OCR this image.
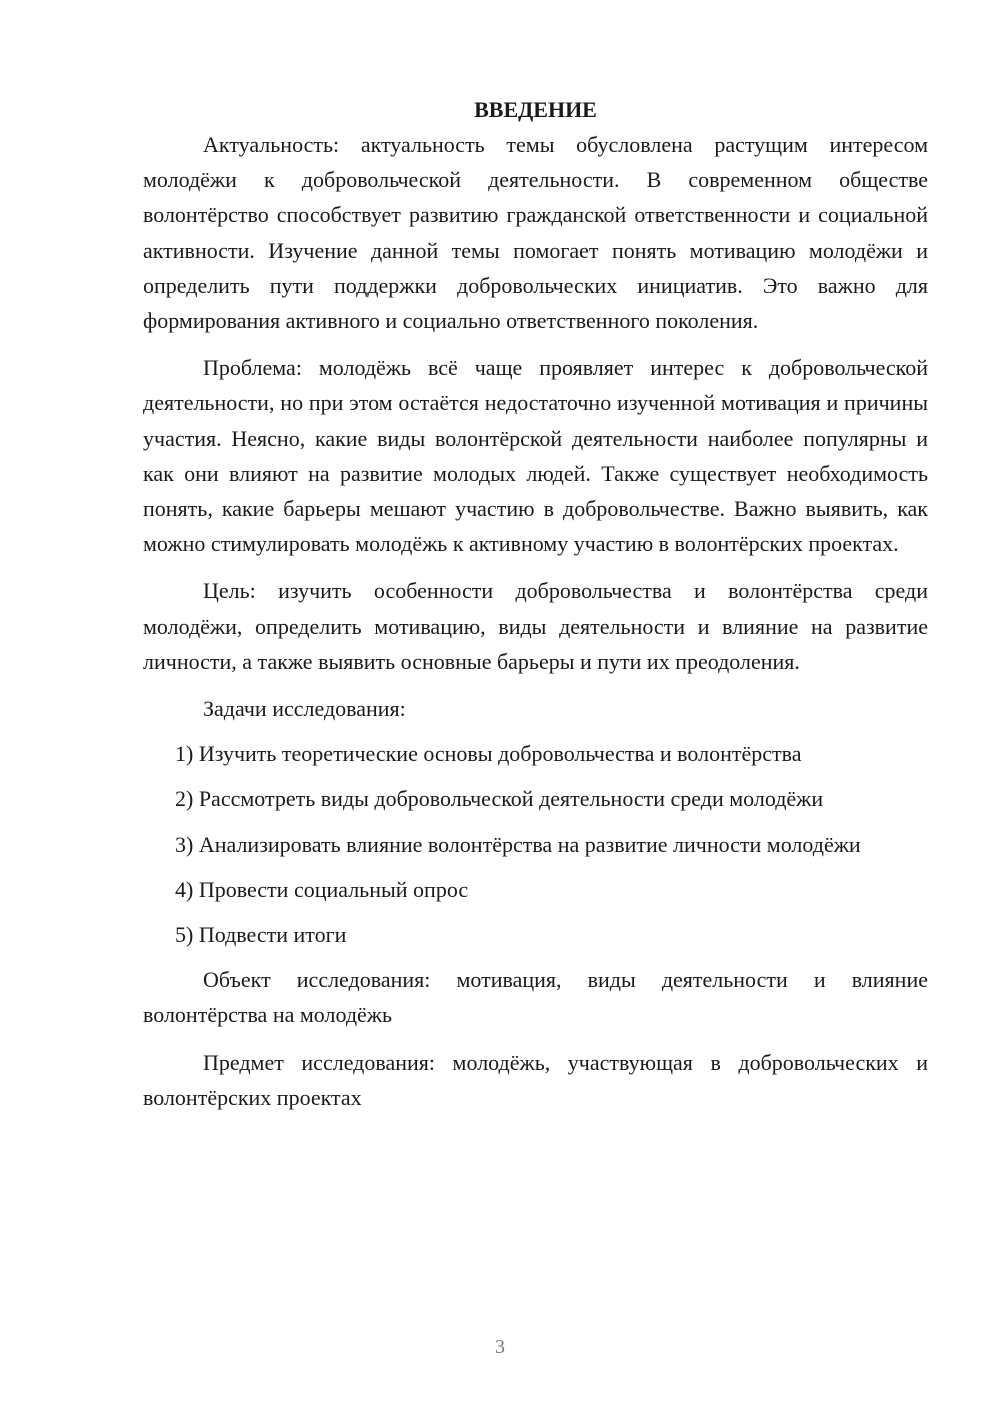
ВВЕДЕНИЕ

Актуальность: актуальность темы обусловлена растущим интересом молодёжи к добровольческой деятельности. В современном обществе волонтёрство способствует развитию гражданской ответственности и социальной активности. Изучение данной темы помогает понять мотивацию молодёжи и определить пути поддержки добровольческих инициатив. Это важно для формирования активного и социально ответственного поколения.

Проблема: молодёжь всё чаще проявляет интерес к добровольческой деятельности, но при этом остаётся недостаточно изученной мотивация и причины участия. Неясно, какие виды волонтёрской деятельности наиболее популярны и как они влияют на развитие молодых людей. Также существует необходимость понять, какие барьеры мешают участию в добровольчестве. Важно выявить, как можно стимулировать молодёжь к активному участию в волонтёрских проектах.

Цель: изучить особенности добровольчества и волонтёрства среди молодёжи, определить мотивацию, виды деятельности и влияние на развитие личности, а также выявить основные барьеры и пути их преодоления.

Задачи исследования:

1) Изучить теоретические основы добровольчества и волонтёрства

2) Рассмотреть виды добровольческой деятельности среди молодёжи

3) Анализировать влияние волонтёрства на развитие личности молодёжи

4) Провести социальный опрос

5) Подвести итоги

Объект исследования: мотивация, виды деятельности и влияние волонтёрства на молодёжь

Предмет исследования: молодёжь, участвующая в добровольческих и волонтёрских проектах

3
